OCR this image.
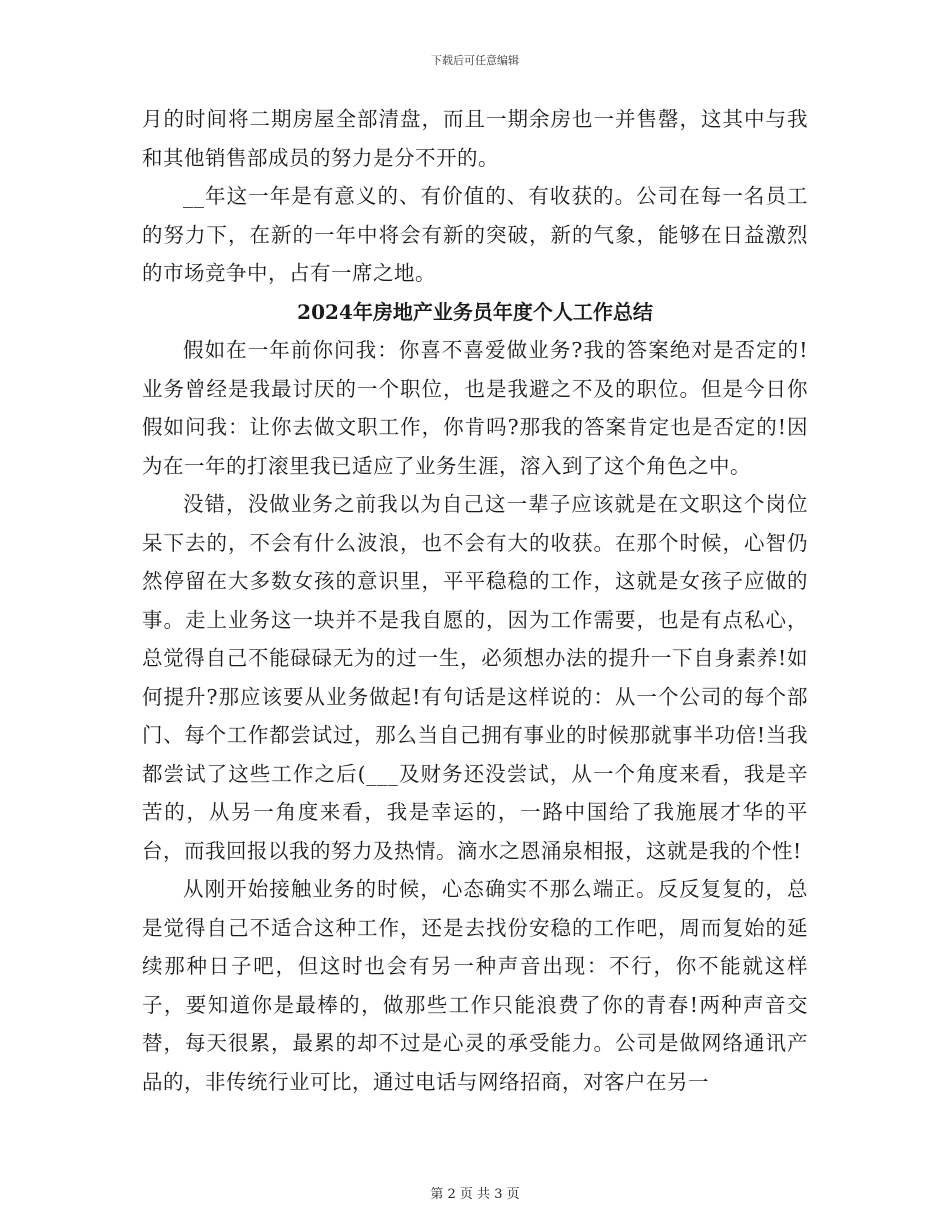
下载后可任意编辑

月的时间将二期房屋全部清盘，而且一期余房也一并售罄，这其中与我和其他销售部成员的努力是分不开的。

__年这一年是有意义的、有价值的、有收获的。公司在每一名员工的努力下，在新的一年中将会有新的突破，新的气象，能够在日益激烈的市场竞争中，占有一席之地。

2024年房地产业务员年度个人工作总结

假如在一年前你问我：你喜不喜爱做业务?我的答案绝对是否定的!业务曾经是我最讨厌的一个职位，也是我避之不及的职位。但是今日你假如问我：让你去做文职工作，你肯吗?那我的答案肯定也是否定的!因为在一年的打滚里我已适应了业务生涯，溶入到了这个角色之中。

没错，没做业务之前我以为自己这一辈子应该就是在文职这个岗位呆下去的，不会有什么波浪，也不会有大的收获。在那个时候，心智仍然停留在大多数女孩的意识里，平平稳稳的工作，这就是女孩子应做的事。走上业务这一块并不是我自愿的，因为工作需要，也是有点私心，总觉得自己不能碌碌无为的过一生，必须想办法的提升一下自身素养!如何提升?那应该要从业务做起!有句话是这样说的：从一个公司的每个部门、每个工作都尝试过，那么当自己拥有事业的时候那就事半功倍!当我都尝试了这些工作之后(___及财务还没尝试，从一个角度来看，我是辛苦的，从另一角度来看，我是幸运的，一路中国给了我施展才华的平台，而我回报以我的努力及热情。滴水之恩涌泉相报，这就是我的个性!

从刚开始接触业务的时候，心态确实不那么端正。反反复复的，总是觉得自己不适合这种工作，还是去找份安稳的工作吧，周而复始的延续那种日子吧，但这时也会有另一种声音出现：不行，你不能就这样子，要知道你是最棒的，做那些工作只能浪费了你的青春!两种声音交替，每天很累，最累的却不过是心灵的承受能力。公司是做网络通讯产品的，非传统行业可比，通过电话与网络招商，对客户在另一

第 2 页 共 3 页
